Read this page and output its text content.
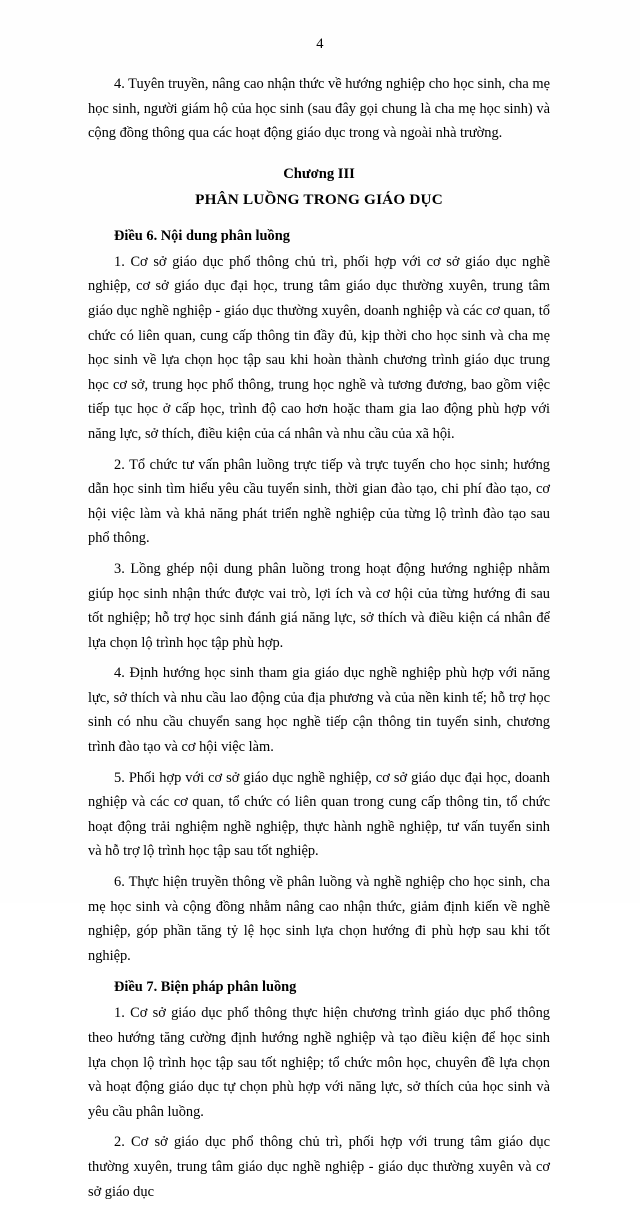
4

4. Tuyên truyền, nâng cao nhận thức về hướng nghiệp cho học sinh, cha mẹ học sinh, người giám hộ của học sinh (sau đây gọi chung là cha mẹ học sinh) và cộng đồng thông qua các hoạt động giáo dục trong và ngoài nhà trường.

Chương III

PHÂN LUỒNG TRONG GIÁO DỤC

Điều 6. Nội dung phân luồng

1. Cơ sở giáo dục phổ thông chủ trì, phối hợp với cơ sở giáo dục nghề nghiệp, cơ sở giáo dục đại học, trung tâm giáo dục thường xuyên, trung tâm giáo dục nghề nghiệp - giáo dục thường xuyên, doanh nghiệp và các cơ quan, tổ chức có liên quan, cung cấp thông tin đầy đủ, kịp thời cho học sinh và cha mẹ học sinh về lựa chọn học tập sau khi hoàn thành chương trình giáo dục trung học cơ sở, trung học phổ thông, trung học nghề và tương đương, bao gồm việc tiếp tục học ở cấp học, trình độ cao hơn hoặc tham gia lao động phù hợp với năng lực, sở thích, điều kiện của cá nhân và nhu cầu của xã hội.

2. Tổ chức tư vấn phân luồng trực tiếp và trực tuyến cho học sinh; hướng dẫn học sinh tìm hiểu yêu cầu tuyển sinh, thời gian đào tạo, chi phí đào tạo, cơ hội việc làm và khả năng phát triển nghề nghiệp của từng lộ trình đào tạo sau phổ thông.

3. Lồng ghép nội dung phân luồng trong hoạt động hướng nghiệp nhằm giúp học sinh nhận thức được vai trò, lợi ích và cơ hội của từng hướng đi sau tốt nghiệp; hỗ trợ học sinh đánh giá năng lực, sở thích và điều kiện cá nhân để lựa chọn lộ trình học tập phù hợp.

4. Định hướng học sinh tham gia giáo dục nghề nghiệp phù hợp với năng lực, sở thích và nhu cầu lao động của địa phương và của nền kinh tế; hỗ trợ học sinh có nhu cầu chuyển sang học nghề tiếp cận thông tin tuyển sinh, chương trình đào tạo và cơ hội việc làm.

5. Phối hợp với cơ sở giáo dục nghề nghiệp, cơ sở giáo dục đại học, doanh nghiệp và các cơ quan, tổ chức có liên quan trong cung cấp thông tin, tổ chức hoạt động trải nghiệm nghề nghiệp, thực hành nghề nghiệp, tư vấn tuyển sinh và hỗ trợ lộ trình học tập sau tốt nghiệp.

6. Thực hiện truyền thông về phân luồng và nghề nghiệp cho học sinh, cha mẹ học sinh và cộng đồng nhằm nâng cao nhận thức, giảm định kiến về nghề nghiệp, góp phần tăng tỷ lệ học sinh lựa chọn hướng đi phù hợp sau khi tốt nghiệp.

Điều 7. Biện pháp phân luồng

1. Cơ sở giáo dục phổ thông thực hiện chương trình giáo dục phổ thông theo hướng tăng cường định hướng nghề nghiệp và tạo điều kiện để học sinh lựa chọn lộ trình học tập sau tốt nghiệp; tổ chức môn học, chuyên đề lựa chọn và hoạt động giáo dục tự chọn phù hợp với năng lực, sở thích của học sinh và yêu cầu phân luồng.

2. Cơ sở giáo dục phổ thông chủ trì, phối hợp với trung tâm giáo dục thường xuyên, trung tâm giáo dục nghề nghiệp - giáo dục thường xuyên và cơ sở giáo dục
